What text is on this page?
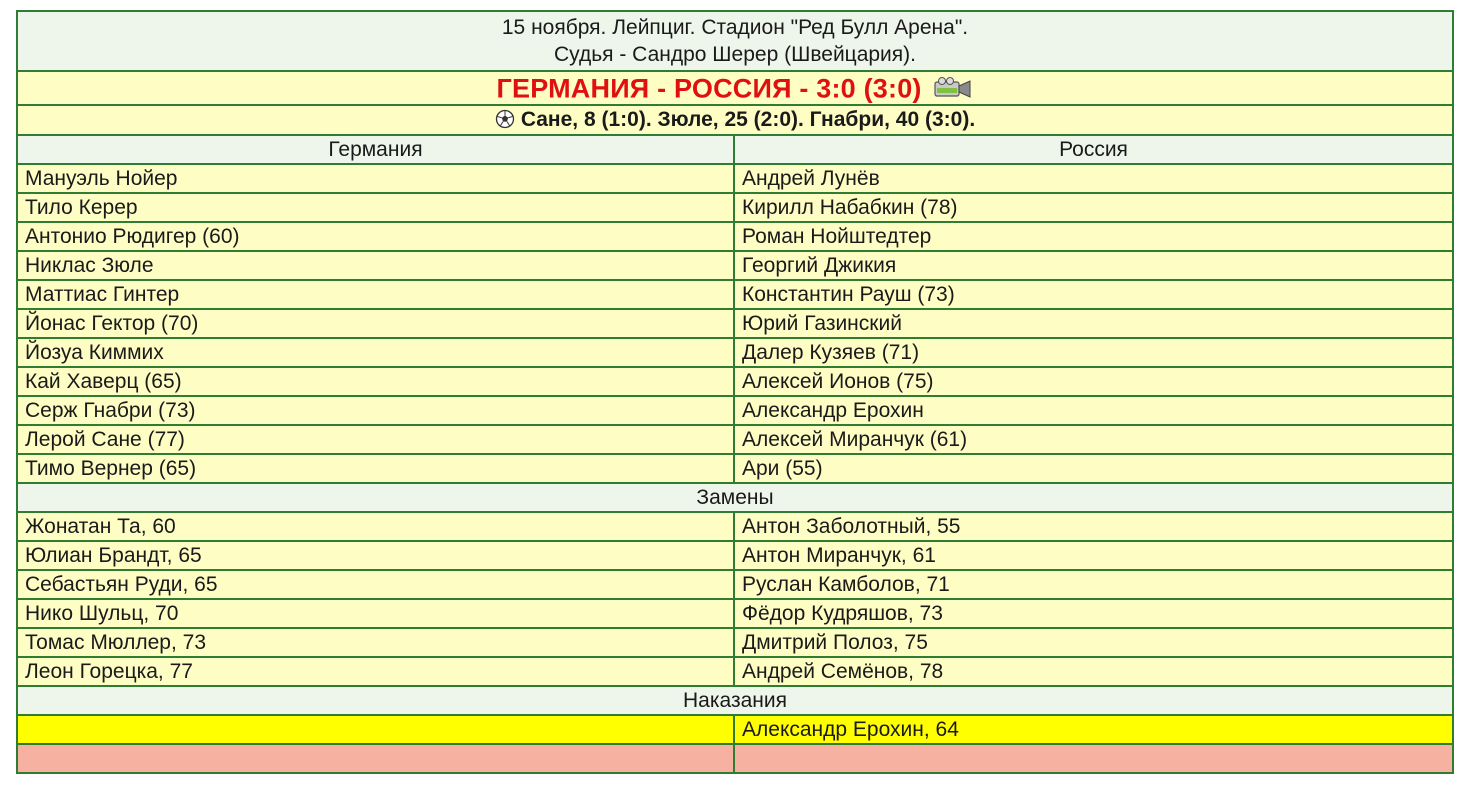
15 ноября. Лейпциг. Стадион "Ред Булл Арена".
Судья - Сандро Шерер (Швейцария).	

ГЕРМАНИЯ - РОССИЯ - 3:0 (3:0)	
Сане, 8 (1:0). Зюле, 25 (2:0). Гнабри, 40 (3:0).	
Германия	Россия
Мануэль Нойер	Андрей Лунёв
Тило Керер	Кирилл Набабкин (78)
Антонио Рюдигер (60)	Роман Нойштедтер
Никлас Зюле	Георгий Джикия
Маттиас Гинтер	Константин Рауш (73)
Йонас Гектор (70)	Юрий Газинский
Йозуа Киммих	Далер Кузяев (71)
Кай Хаверц (65)	Алексей Ионов (75)
Серж Гнабри (73)	Александр Ерохин
Лерой Сане (77)	Алексей Миранчук (61)
Тимо Вернер (65)	Ари (55)
Замены	
Жонатан Та, 60	Антон Заболотный, 55
Юлиан Брандт, 65	Антон Миранчук, 61
Себастьян Руди, 65	Руслан Камболов, 71
Нико Шульц, 70	Фёдор Кудряшов, 73
Томас Мюллер, 73	Дмитрий Полоз, 75
Леон Горецка, 77	Андрей Семёнов, 78
Наказания	
	Александр Ерохин, 64
